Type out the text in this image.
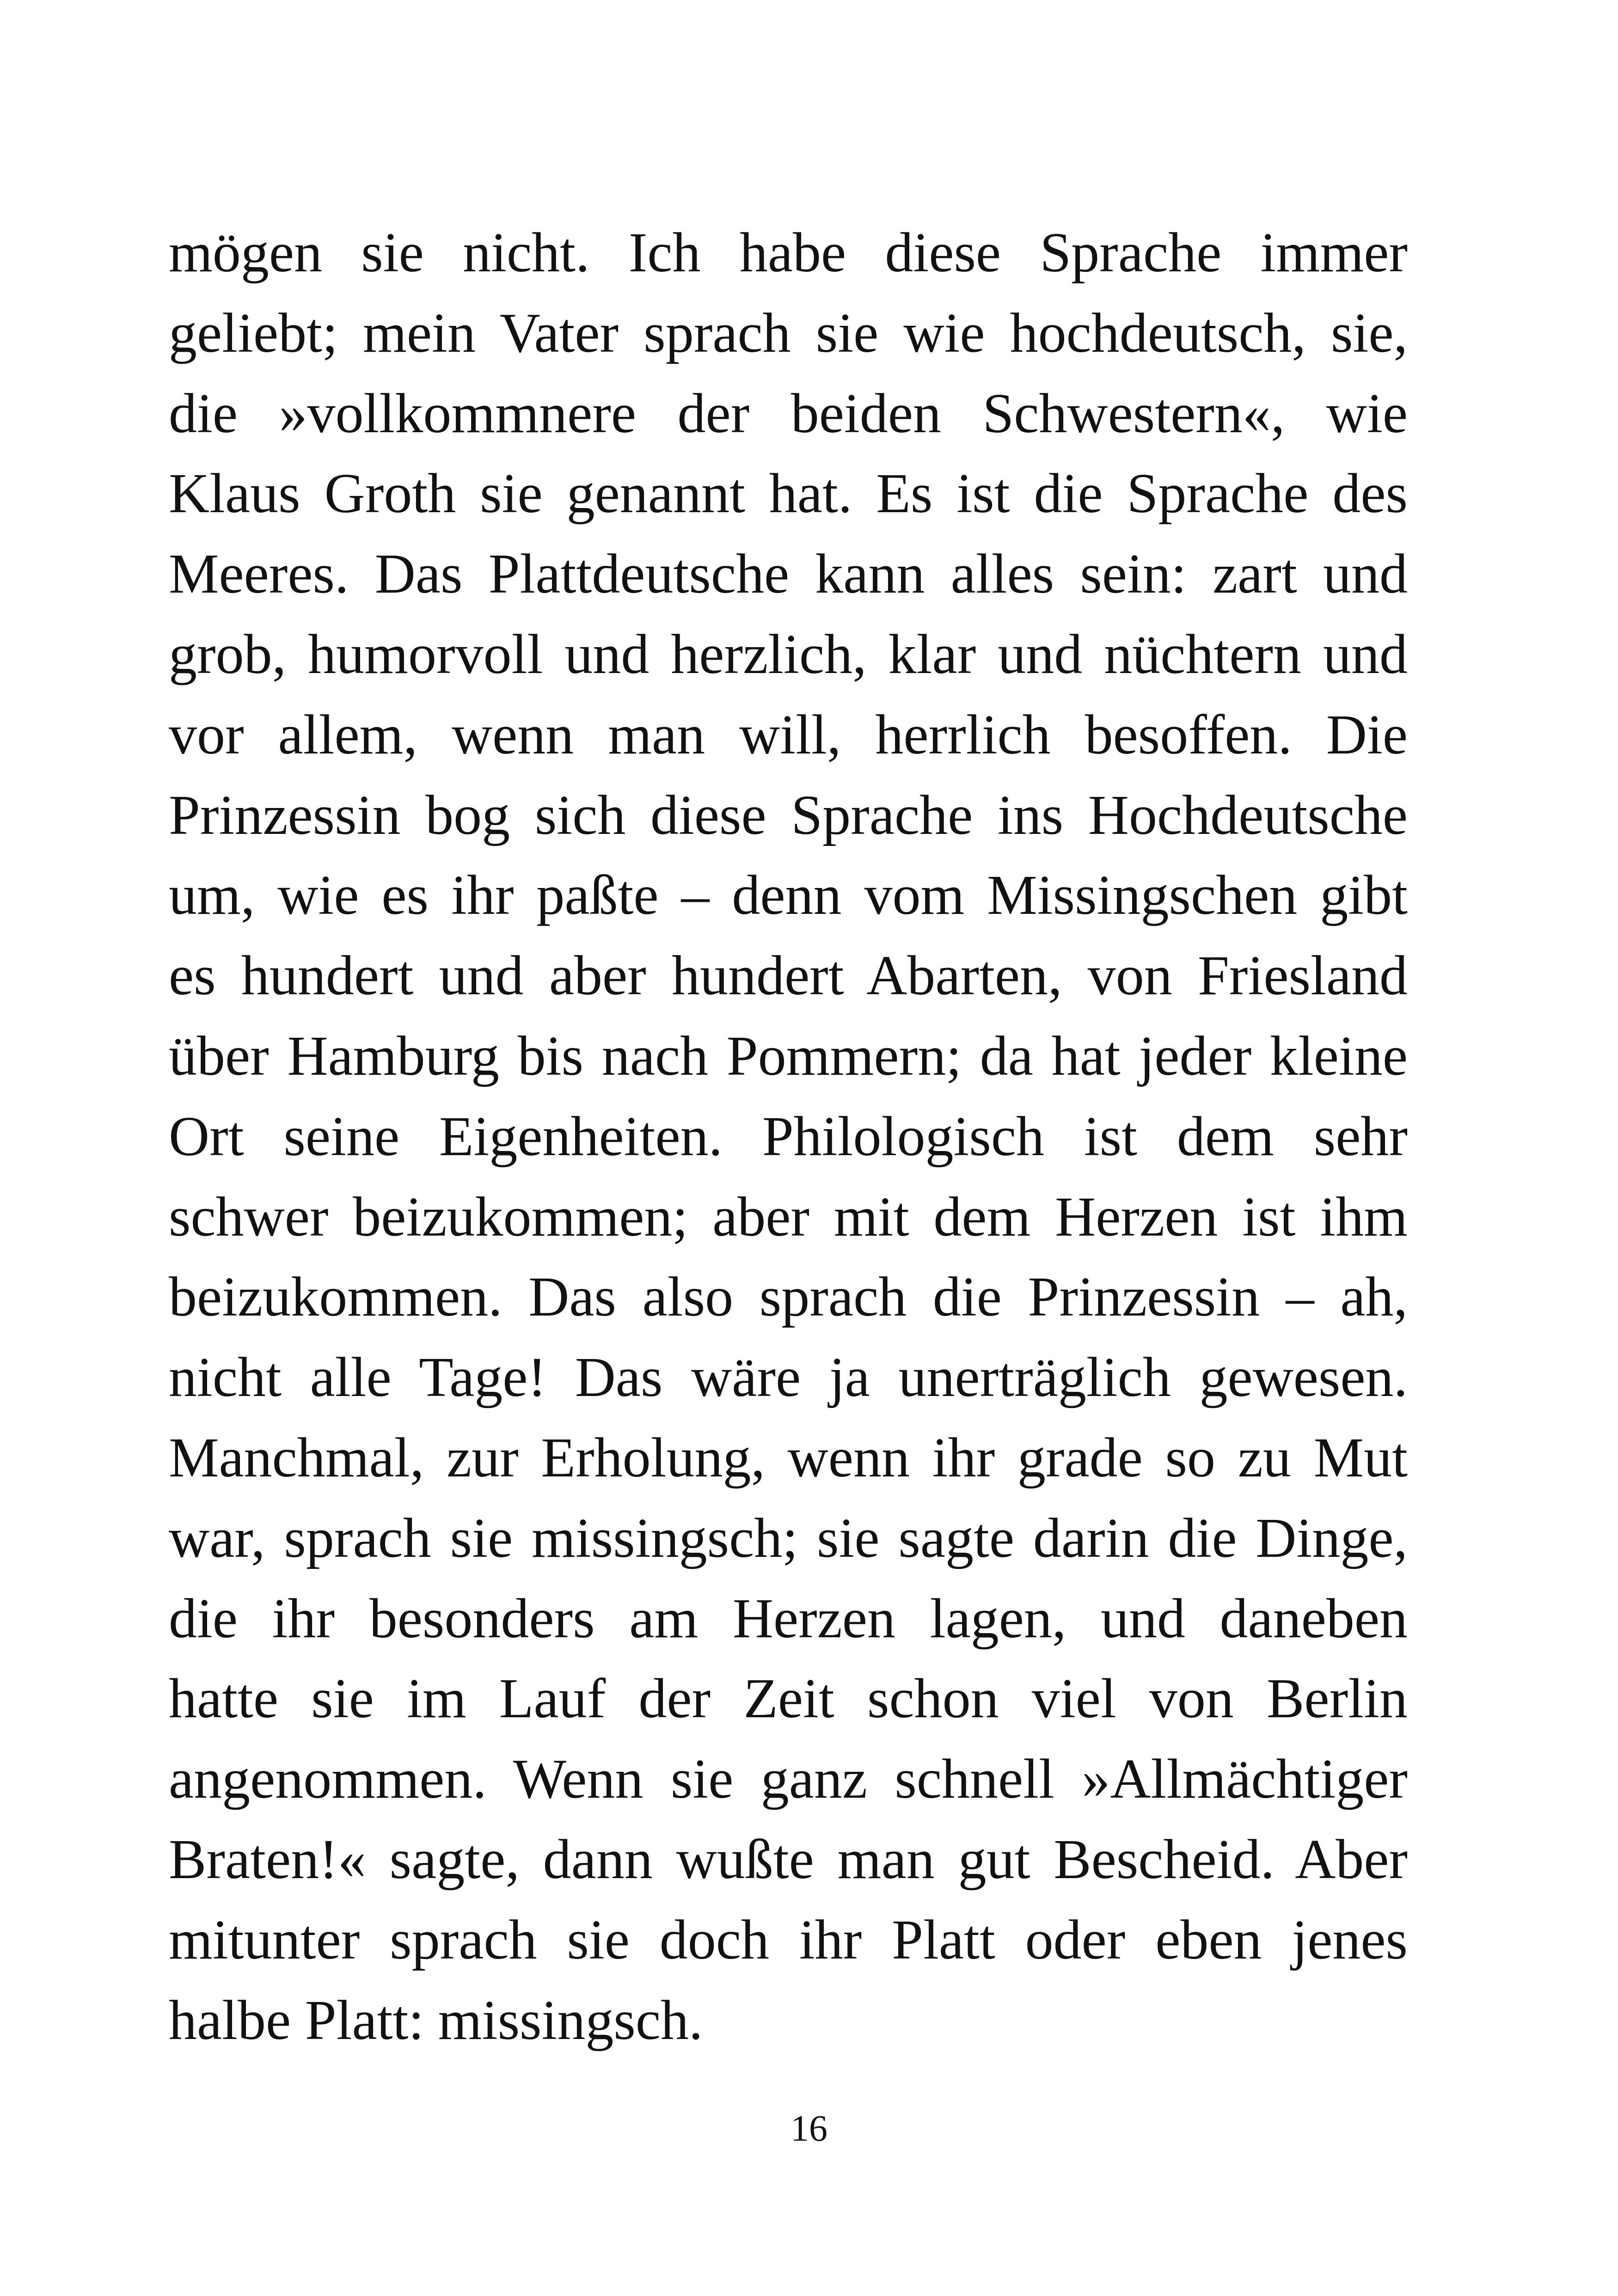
mögen sie nicht. Ich habe diese Sprache immer
geliebt; mein Vater sprach sie wie hochdeutsch, sie,
die »vollkommnere der beiden Schwestern«, wie
Klaus Groth sie genannt hat. Es ist die Sprache des
Meeres. Das Plattdeutsche kann alles sein: zart und
grob, humorvoll und herzlich, klar und nüchtern und
vor allem, wenn man will, herrlich besoffen. Die
Prinzessin bog sich diese Sprache ins Hochdeutsche
um, wie es ihr paßte – denn vom Missingschen gibt
es hundert und aber hundert Abarten, von Friesland
über Hamburg bis nach Pommern; da hat jeder kleine
Ort seine Eigenheiten. Philologisch ist dem sehr
schwer beizukommen; aber mit dem Herzen ist ihm
beizukommen. Das also sprach die Prinzessin – ah,
nicht alle Tage! Das wäre ja unerträglich gewesen.
Manchmal, zur Erholung, wenn ihr grade so zu Mut
war, sprach sie missingsch; sie sagte darin die Dinge,
die ihr besonders am Herzen lagen, und daneben
hatte sie im Lauf der Zeit schon viel von Berlin
angenommen. Wenn sie ganz schnell »Allmächtiger
Braten!« sagte, dann wußte man gut Bescheid. Aber
mitunter sprach sie doch ihr Platt oder eben jenes
halbe Platt: missingsch.
16
